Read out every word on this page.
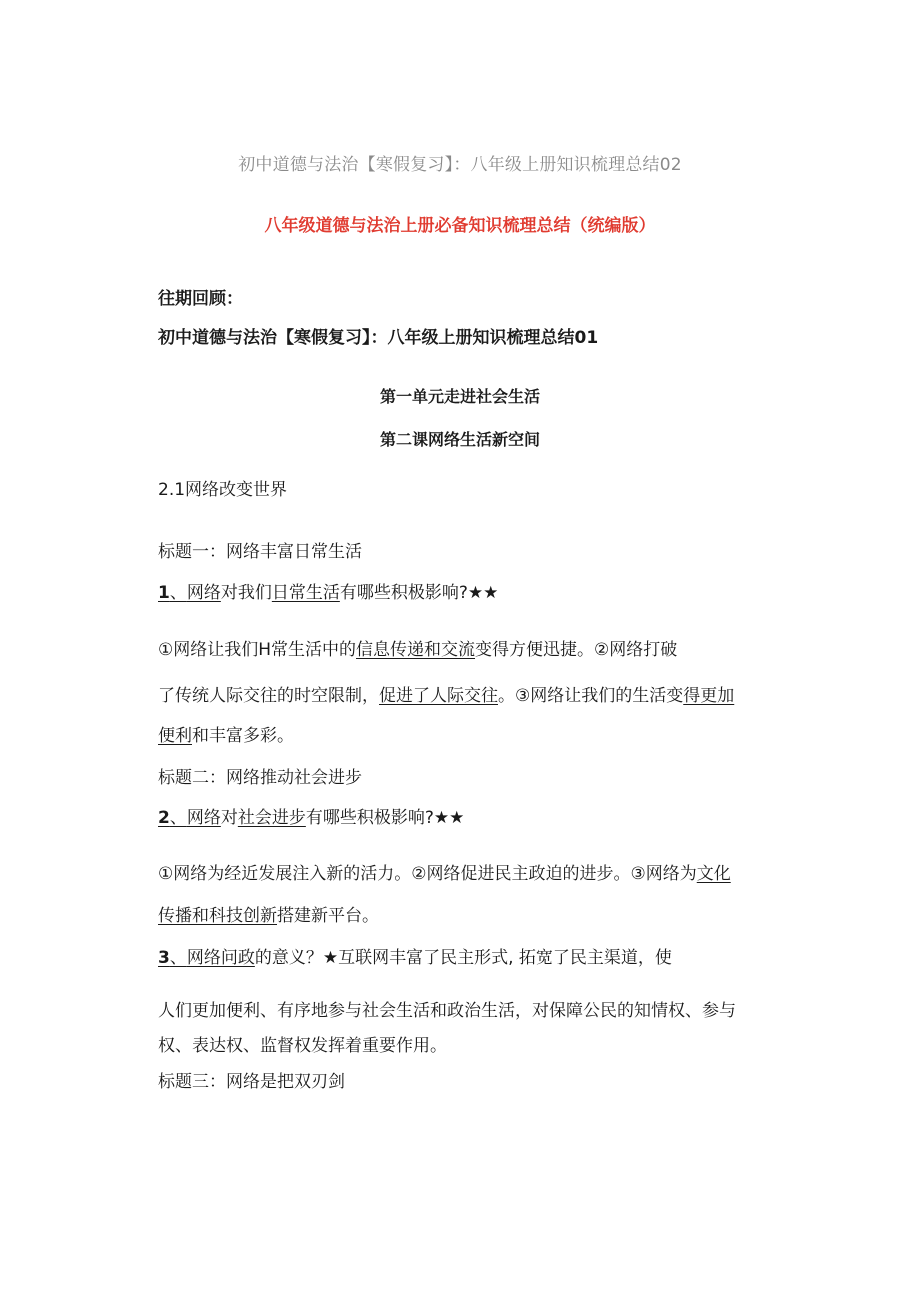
初中道德与法治【寒假复习】：八年级上册知识梳理总结02
八年级道德与法治上册必备知识梳理总结（统编版）
往期回顾：
初中道德与法治【寒假复习】：八年级上册知识梳理总结01
第一单元走进社会生活
第二课网络生活新空间
2.1网络改变世界
标题一：网络丰富日常生活
1、网络对我们日常生活有哪些积极影响?★★
①网络让我们H常生活中的信息传递和交流变得方便迅捷。②网络打破
了传统人际交往的时空限制，促进了人际交往。③网络让我们的生活变得更加
便利和丰富多彩。
标题二：网络推动社会进步
2、网络对社会进步有哪些积极影响?★★
①网络为经近发展注入新的活力。②网络促进民主政迫的进步。③网络为文化
传播和科技创新搭建新平台。
3、网络问政的意义？★互联网丰富了民主形式, 拓宽了民主渠道，使
人们更加便利、有序地参与社会生活和政治生活，对保障公民的知情权、参与
权、表达权、监督权发挥着重要作用。
标题三：网络是把双刃剑
